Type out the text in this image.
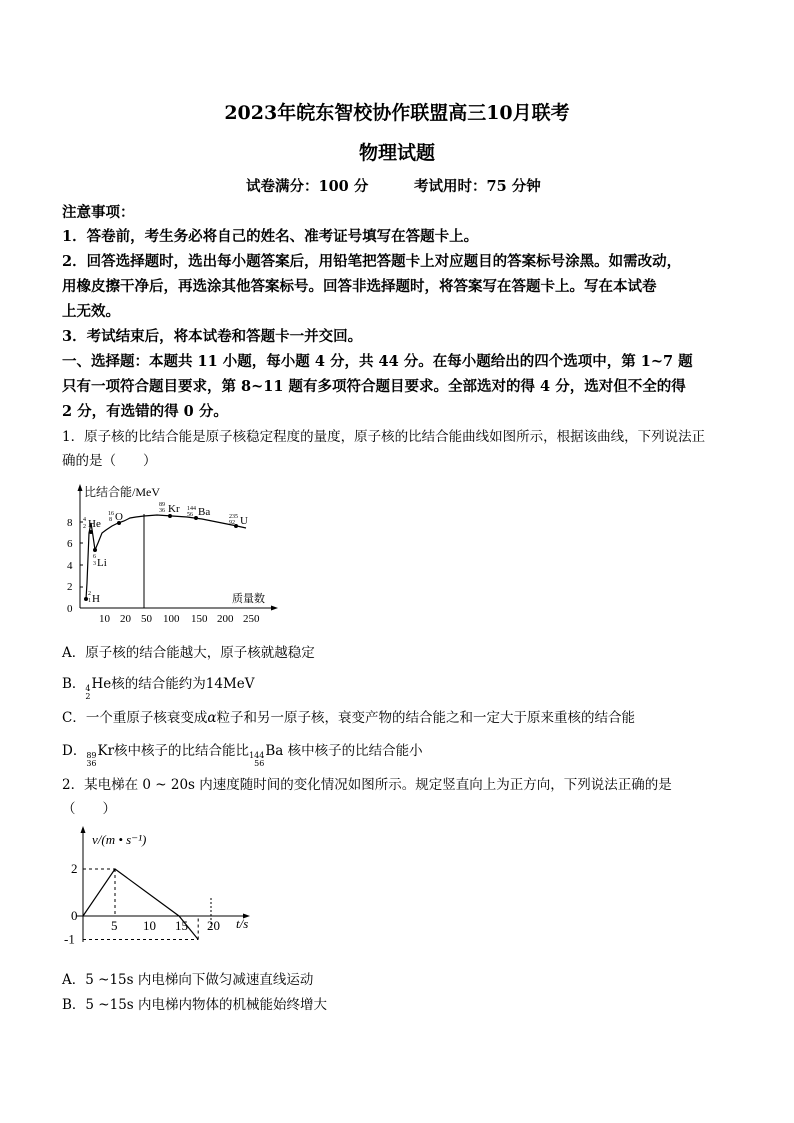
2023年皖东智校协作联盟高三10月联考
物理试题
试卷满分：100 分	考试用时：75 分钟
注意事项：
1．答卷前，考生务必将自己的姓名、准考证号填写在答题卡上。
2．回答选择题时，选出每小题答案后，用铅笔把答题卡上对应题目的答案标号涂黑。如需改动，
用橡皮擦干净后，再选涂其他答案标号。回答非选择题时，将答案写在答题卡上。写在本试卷
上无效。
3．考试结束后，将本试卷和答题卡一并交回。
一、选择题：本题共 11 小题，每小题 4 分，共 44 分。在每小题给出的四个选项中，第 1~7 题
只有一项符合题目要求，第 8~11 题有多项符合题目要求。全部选对的得 4 分，选对但不全的得
2 分，有选错的得 0 分。
1．原子核的比结合能是原子核稳定程度的量度，原子核的比结合能曲线如图所示，根据该曲线，下列说法正
确的是（　　）
0
2
4
6
8
比结合能/MeV
10 20 50 100 150 200 250
质量数
2
1 H
6
3 Li
4
2 He
16
8 O
89
36 Kr 144
56 Ba	235
92 U
A．原子核的结合能越大，原子核就越稳定
B． 4
2
He核的结合能约为14MeV
C．一个重原子核衰变成α粒子和另一原子核，衰变产物的结合能之和一定大于原来重核的结合能
D． 89
36
Kr核中核子的比结合能比 144
56
Ba 核中核子的比结合能小
2．某电梯在 0 ~ 20s 内速度随时间的变化情况如图所示。规定竖直向上为正方向，下列说法正确的是
（　　）
v/(m • s⁻¹)
t/s
5 10 15 20
2
0
-1
A．5 ~15s 内电梯向下做匀减速直线运动
B．5 ~15s 内电梯内物体的机械能始终增大
